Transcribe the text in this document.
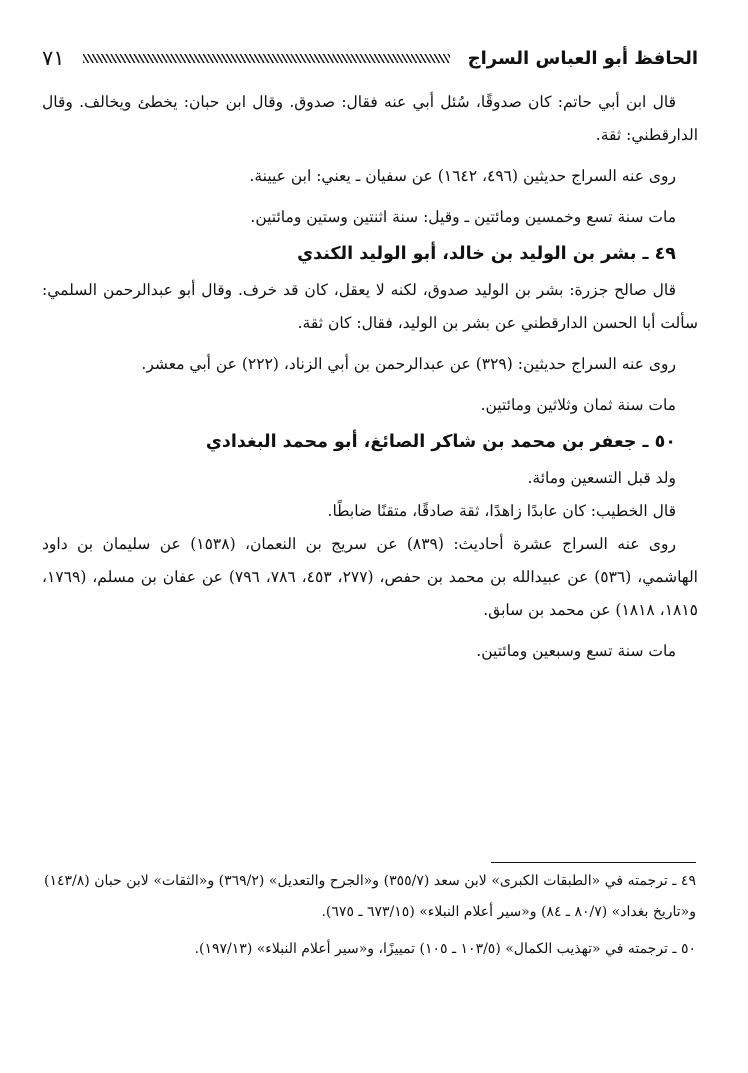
الحافظ أبو العباس السراج
٧١

قال ابن أبي حاتم: كان صدوقًا، سُئل أبي عنه فقال: صدوق. وقال ابن حبان: يخطئ ويخالف. وقال الدارقطني: ثقة.

روى عنه السراج حديثين (٤٩٦، ١٦٤٢) عن سفيان ـ يعني: ابن عيينة.

مات سنة تسع وخمسين ومائتين ـ وقيل: سنة اثنتين وستين ومائتين.

٤٩ ـ بشر بن الوليد بن خالد، أبو الوليد الكندي

قال صالح جزرة: بشر بن الوليد صدوق، لكنه لا يعقل، كان قد خرف. وقال أبو عبدالرحمن السلمي: سألت أبا الحسن الدارقطني عن بشر بن الوليد، فقال: كان ثقة.

روى عنه السراج حديثين: (٣٢٩) عن عبدالرحمن بن أبي الزناد، (٢٢٢) عن أبي معشر.

مات سنة ثمان وثلاثين ومائتين.

٥٠ ـ جعفر بن محمد بن شاكر الصائغ، أبو محمد البغدادي

ولد قبل التسعين ومائة.

قال الخطيب: كان عابدًا زاهدًا، ثقة صادقًا، متقنًا ضابطًا.

روى عنه السراج عشرة أحاديث: (٨٣٩) عن سريج بن النعمان، (١٥٣٨) عن سليمان بن داود الهاشمي، (٥٣٦) عن عبيدالله بن محمد بن حفص، (٢٧٧، ٤٥٣، ٧٨٦، ٧٩٦) عن عفان بن مسلم، (١٧٦٩، ١٨١٥، ١٨١٨) عن محمد بن سابق.

مات سنة تسع وسبعين ومائتين.

٤٩ ـ ترجمته في «الطبقات الكبرى» لابن سعد (٣٥٥/٧) و«الجرح والتعديل» (٣٦٩/٢) و«الثقات» لابن حبان (١٤٣/٨) و«تاريخ بغداد» (٨٠/٧ ـ ٨٤) و«سير أعلام النبلاء» (٦٧٣/١٥ ـ ٦٧٥).

٥٠ ـ ترجمته في «تهذيب الكمال» (١٠٣/٥ ـ ١٠٥) تمييزًا، و«سير أعلام النبلاء» (١٩٧/١٣).
